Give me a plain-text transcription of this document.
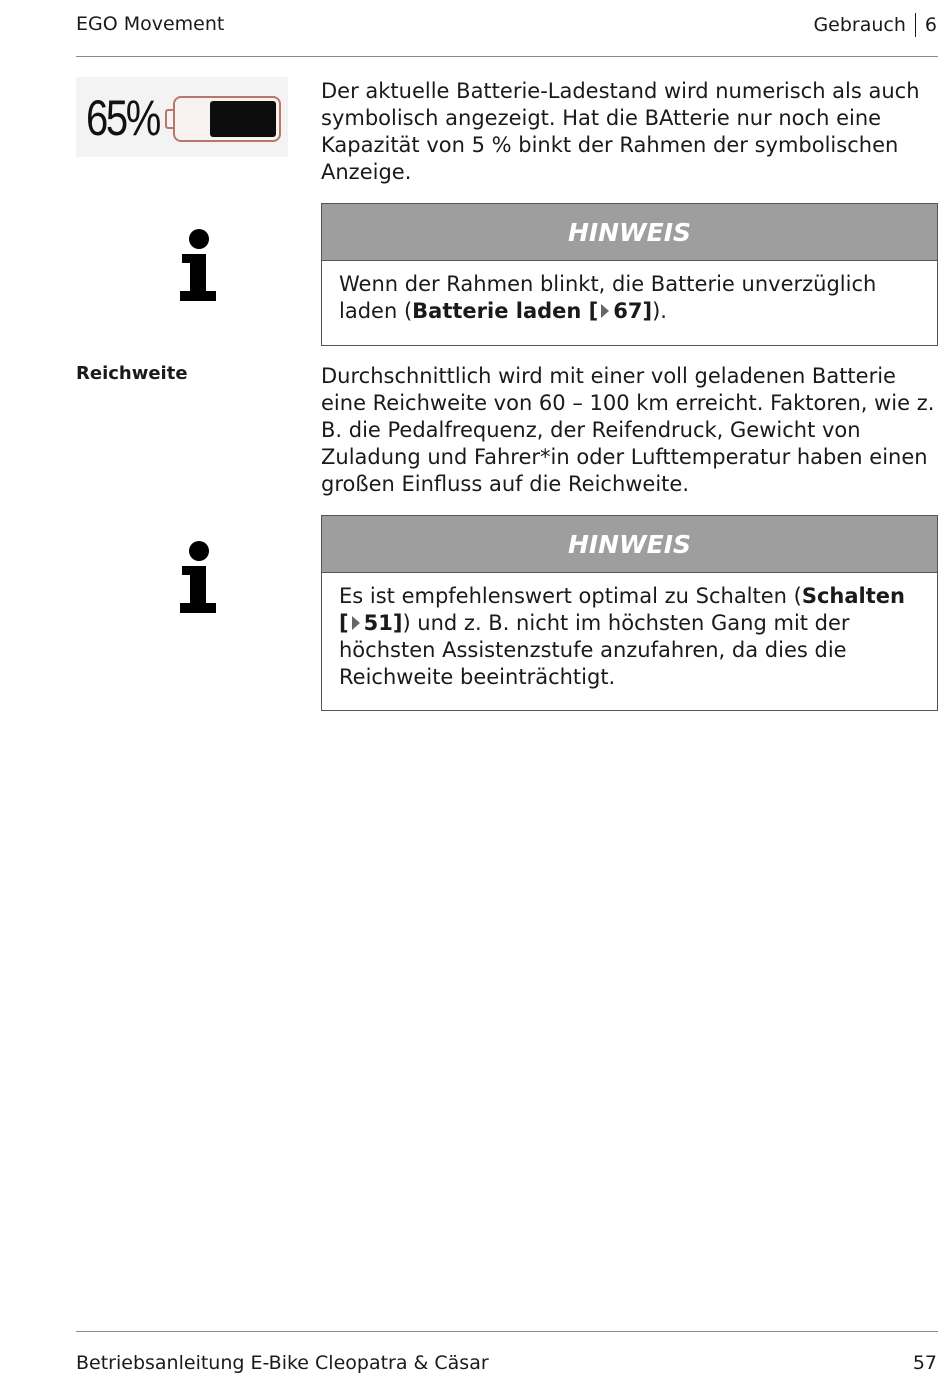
EGO Movement	Gebrauch 6
65%	Der aktuelle Batterie-Ladestand wird numerisch als auch symbolisch angezeigt. Hat die BAtterie nur noch eine Kapazität von 5 % binkt der Rahmen der symbolischen Anzeige.
HINWEIS
Wenn der Rahmen blinkt, die Batterie unverzüglich laden (Batterie laden [ 67]).
Reichweite	Durchschnittlich wird mit einer voll geladenen Batterie eine Reichweite von 60 – 100 km erreicht. Faktoren, wie z. B. die Pedalfrequenz, der Reifendruck, Gewicht von Zuladung und Fahrer*in oder Lufttemperatur haben einen großen Einfluss auf die Reichweite.
HINWEIS
Es ist empfehlenswert optimal zu Schalten (Schalten [ 51]) und z. B. nicht im höchsten Gang mit der höchsten Assistenzstufe anzufahren, da dies die Reichweite beeinträchtigt.
Betriebsanleitung E-Bike Cleopatra & Cäsar	57
